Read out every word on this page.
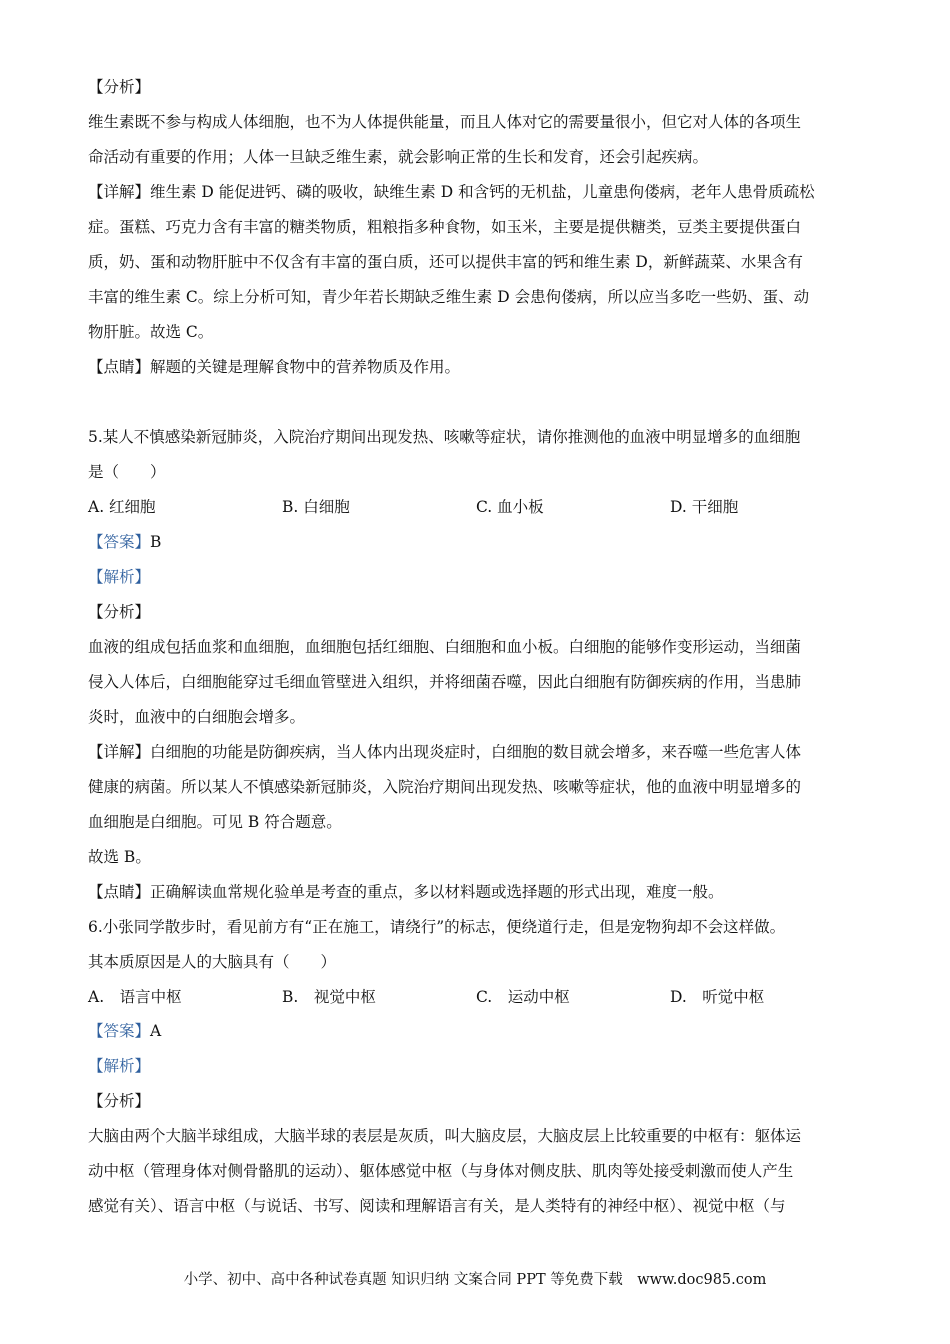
【分析】
维生素既不参与构成人体细胞，也不为人体提供能量，而且人体对它的需要量很小，但它对人体的各项生
命活动有重要的作用；人体一旦缺乏维生素，就会影响正常的生长和发育，还会引起疾病。
【详解】维生素 D 能促进钙、磷的吸收，缺维生素 D 和含钙的无机盐，儿童患佝偻病，老年人患骨质疏松
症。蛋糕、巧克力含有丰富的糖类物质，粗粮指多种食物，如玉米，主要是提供糖类，豆类主要提供蛋白
质，奶、蛋和动物肝脏中不仅含有丰富的蛋白质，还可以提供丰富的钙和维生素 D，新鲜蔬菜、水果含有
丰富的维生素 C。综上分析可知，青少年若长期缺乏维生素 D 会患佝偻病，所以应当多吃一些奶、蛋、动
物肝脏。故选 C。
【点睛】解题的关键是理解食物中的营养物质及作用。
5.某人不慎感染新冠肺炎，入院治疗期间出现发热、咳嗽等症状，请你推测他的血液中明显增多的血细胞
是（　　）
A. 红细胞	B. 白细胞	C. 血小板	D. 干细胞
【答案】B
【解析】
【分析】
血液的组成包括血浆和血细胞，血细胞包括红细胞、白细胞和血小板。白细胞的能够作变形运动，当细菌
侵入人体后，白细胞能穿过毛细血管壁进入组织，并将细菌吞噬，因此白细胞有防御疾病的作用，当患肺
炎时，血液中的白细胞会增多。
【详解】白细胞的功能是防御疾病，当人体内出现炎症时，白细胞的数目就会增多，来吞噬一些危害人体
健康的病菌。所以某人不慎感染新冠肺炎，入院治疗期间出现发热、咳嗽等症状，他的血液中明显增多的
血细胞是白细胞。可见 B 符合题意。
故选 B。
【点睛】正确解读血常规化验单是考查的重点，多以材料题或选择题的形式出现，难度一般。
6.小张同学散步时，看见前方有“正在施工，请绕行”的标志，便绕道行走，但是宠物狗却不会这样做。
其本质原因是人的大脑具有（　　）
A.　语言中枢	B.　视觉中枢	C.　运动中枢	D.　听觉中枢
【答案】A
【解析】
【分析】
大脑由两个大脑半球组成，大脑半球的表层是灰质，叫大脑皮层，大脑皮层上比较重要的中枢有：躯体运
动中枢（管理身体对侧骨骼肌的运动）、躯体感觉中枢（与身体对侧皮肤、肌肉等处接受刺激而使人产生
感觉有关）、语言中枢（与说话、书写、阅读和理解语言有关，是人类特有的神经中枢）、视觉中枢（与
小学、初中、高中各种试卷真题 知识归纳 文案合同 PPT 等免费下载　www.doc985.com
